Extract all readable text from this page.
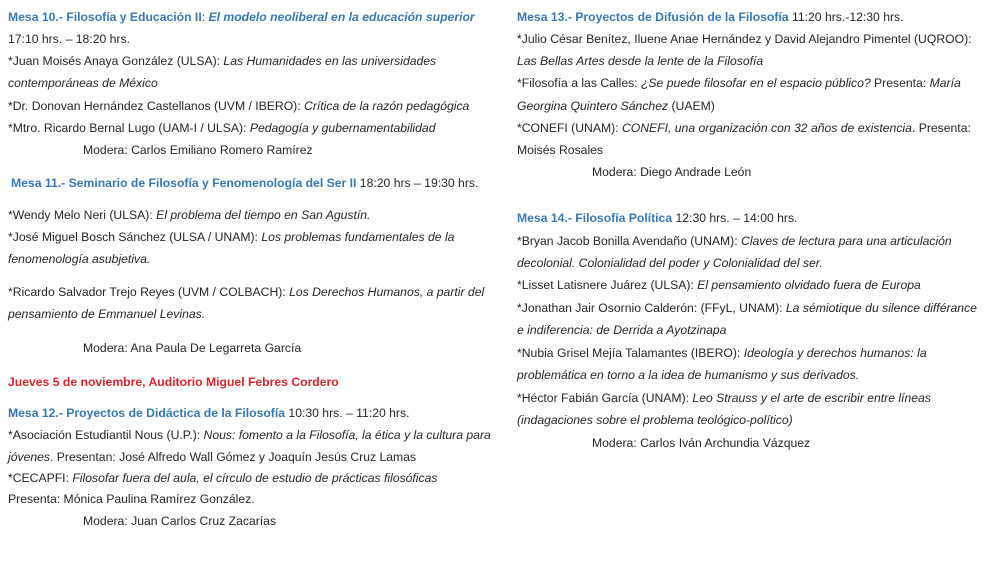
Mesa 10.- Filosofía y Educación II: El modelo neoliberal en la educación superior
17:10 hrs. – 18:20 hrs.
*Juan Moisés Anaya González (ULSA): Las Humanidades en las universidades
contemporáneas de México
*Dr. Donovan Hernández Castellanos (UVM / IBERO): Crítica de la razón pedagógica
*Mtro. Ricardo Bernal Lugo (UAM-I / ULSA): Pedagogía y gubernamentabilidad
Modera: Carlos Emiliano Romero Ramírez
Mesa 11.- Seminario de Filosofía y Fenomenología del Ser II 18:20 hrs – 19:30 hrs.
*Wendy Melo Neri (ULSA): El problema del tiempo en San Agustín.
*José Miguel Bosch Sánchez (ULSA / UNAM): Los problemas fundamentales de la
fenomenología asubjetiva.
*Ricardo Salvador Trejo Reyes (UVM / COLBACH): Los Derechos Humanos, a partir del
pensamiento de Emmanuel Levinas.
Modera: Ana Paula De Legarreta García
Jueves 5 de noviembre, Auditorio Miguel Febres Cordero
Mesa 12.- Proyectos de Didáctica de la Filosofía 10:30 hrs. – 11:20 hrs.
*Asociación Estudiantil Nous (U.P.): Nous: fomento a la Filosofía, la ética y la cultura para
jóvenes. Presentan: José Alfredo Wall Gómez y Joaquín Jesús Cruz Lamas
*CECAPFI: Filosofar fuera del aula, el círculo de estudio de prácticas filosóficas
Presenta: Mónica Paulina Ramírez González.
Modera: Juan Carlos Cruz Zacarías
Mesa 13.- Proyectos de Difusión de la Filosofía 11:20 hrs.-12:30 hrs.
*Julio César Benítez, Iluene Anae Hernández y David Alejandro Pimentel (UQROO):
Las Bellas Artes desde la lente de la Filosofía
*Filosofía a las Calles: ¿Se puede filosofar en el espacio público? Presenta: María
Georgina Quintero Sánchez (UAEM)
*CONEFI (UNAM): CONEFI, una organización con 32 años de existencia. Presenta:
Moisés Rosales
Modera: Diego Andrade León
Mesa 14.- Filosofía Política 12:30 hrs. – 14:00 hrs.
*Bryan Jacob Bonilla Avendaño (UNAM): Claves de lectura para una articulación
decolonial. Colonialidad del poder y Colonialidad del ser.
*Lisset Latisnere Juárez (ULSA): El pensamiento olvidado fuera de Europa
*Jonathan Jair Osornio Calderón: (FFyL, UNAM): La sémiotique du silence différance
e indiferencia: de Derrida a Ayotzinapa
*Nubia Grisel Mejía Talamantes (IBERO): Ideología y derechos humanos: la
problemática en torno a la idea de humanismo y sus derivados.
*Héctor Fabián García (UNAM): Leo Strauss y el arte de escribir entre líneas
(indagaciones sobre el problema teológico-político)
Modera: Carlos Iván Archundia Vázquez
